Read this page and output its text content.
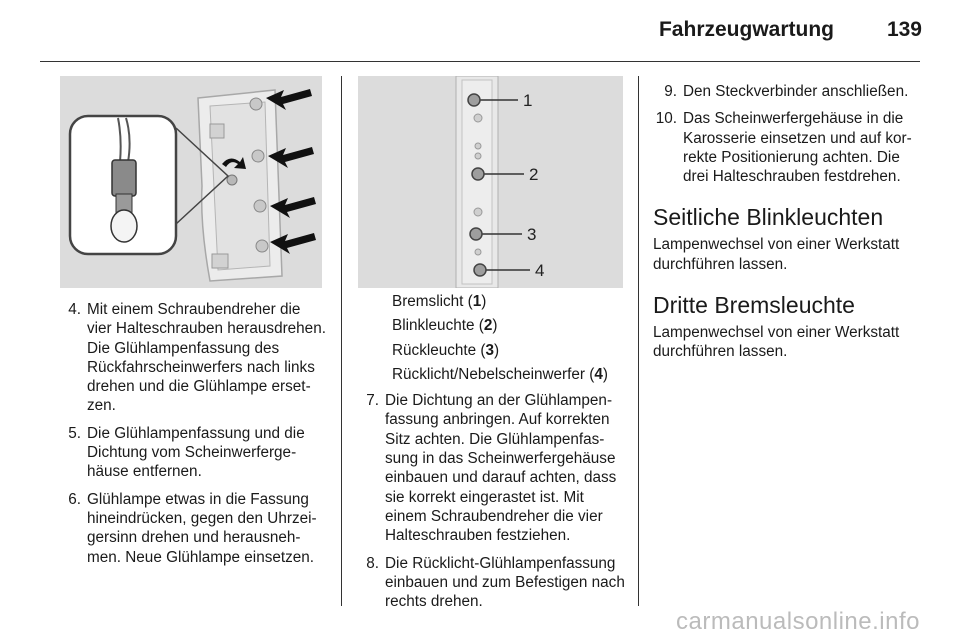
Fahrzeugwartung	139
1
2
3
4
4. Mit einem Schraubendreher die vier Halteschrauben herausdrehen. Die Glühlampenfassung des Rückfahrscheinwerfers nach links drehen und die Glühlampe ersetzen.
5. Die Glühlampenfassung und die Dichtung vom Scheinwerfergehäuse entfernen.
6. Glühlampe etwas in die Fassung hineindrücken, gegen den Uhrzeigersinn drehen und herausnehmen. Neue Glühlampe einsetzen.

Bremslicht (1)

Blinkleuchte (2)

Rückleuchte (3)

Rücklicht/Nebelscheinwerfer (4)

7. Die Dichtung an der Glühlampenfassung anbringen. Auf korrekten Sitz achten. Die Glühlampenfassung in das Scheinwerfergehäuse einbauen und darauf achten, dass sie korrekt eingerastet ist. Mit einem Schraubendreher die vier Halteschrauben festziehen.
8. Die Rücklicht-Glühlampenfassung einbauen und zum Befestigen nach rechts drehen.
9. Den Steckverbinder anschließen.
10. Das Scheinwerfergehäuse in die Karosserie einsetzen und auf korrekte Positionierung achten. Die drei Halteschrauben festdrehen.
Seitliche Blinkleuchten

Lampenwechsel von einer Werkstatt durchführen lassen.

Dritte Bremsleuchte

Lampenwechsel von einer Werkstatt durchführen lassen.

carmanualsonline.info
